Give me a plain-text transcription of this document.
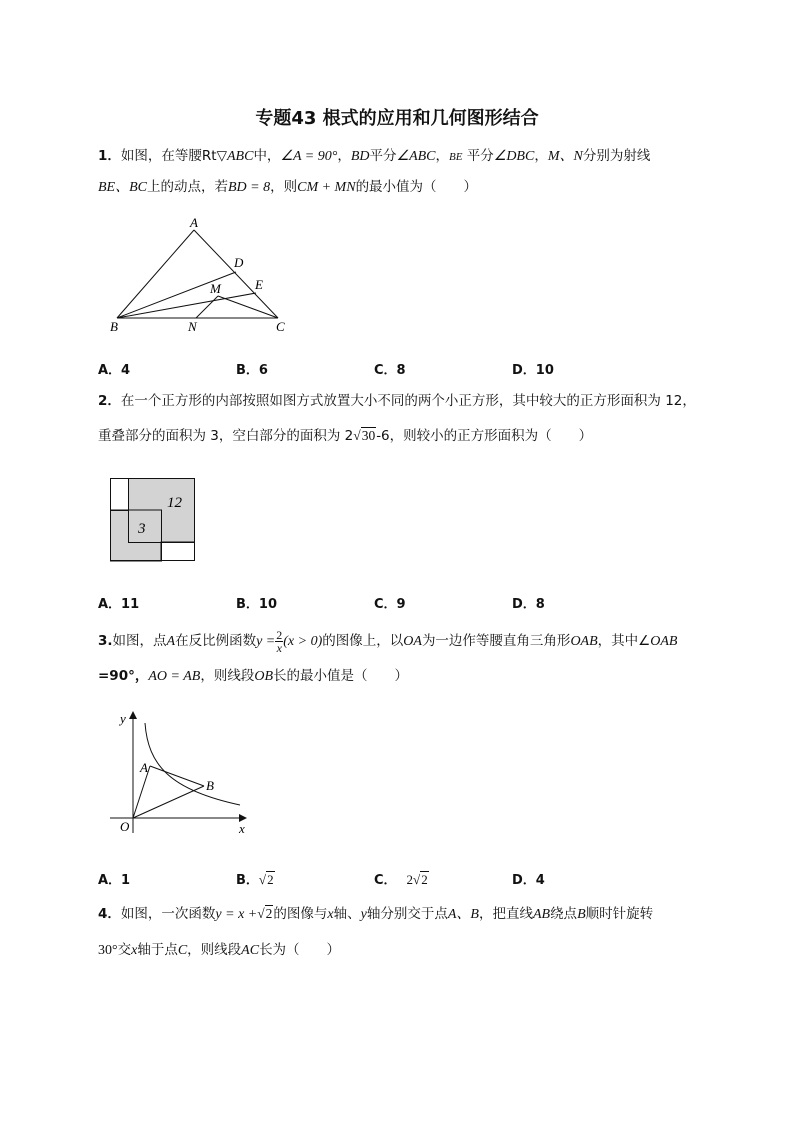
专题43 根式的应用和几何图形结合
1．如图，在等腰Rt▽ABC中，∠A = 90°，BD平分∠ABC，BE 平分∠DBC，M、N分别为射线
BE、BC上的动点，若BD = 8，则CM + MN的最小值为（　　）
A
D
E
M
B	N	C
A．4	B．6	C．8	D．10
2．在一个正方形的内部按照如图方式放置大小不同的两个小正方形，其中较大的正方形面积为 12，
重叠部分的面积为 3，空白部分的面积为 2√30-6，则较小的正方形面积为（　　）
12
3
A．11	B．10	C．9	D．8
3.如图，点A在反比例函数$y = \frac{2}{x} (x > 0)$的图像上，以OA为一边作等腰直角三角形OAB，其中∠OAB
=90°，AO = AB，则线段OB长的最小值是（　　）
y
x
O
A
B
A．1	B．√2	C． 2√2	D．4
4．如图，一次函数y = x +√2的图像与x轴、y轴分别交于点A、B，把直线AB绕点B顺时针旋转
30°交x轴于点C，则线段AC长为（　　）
